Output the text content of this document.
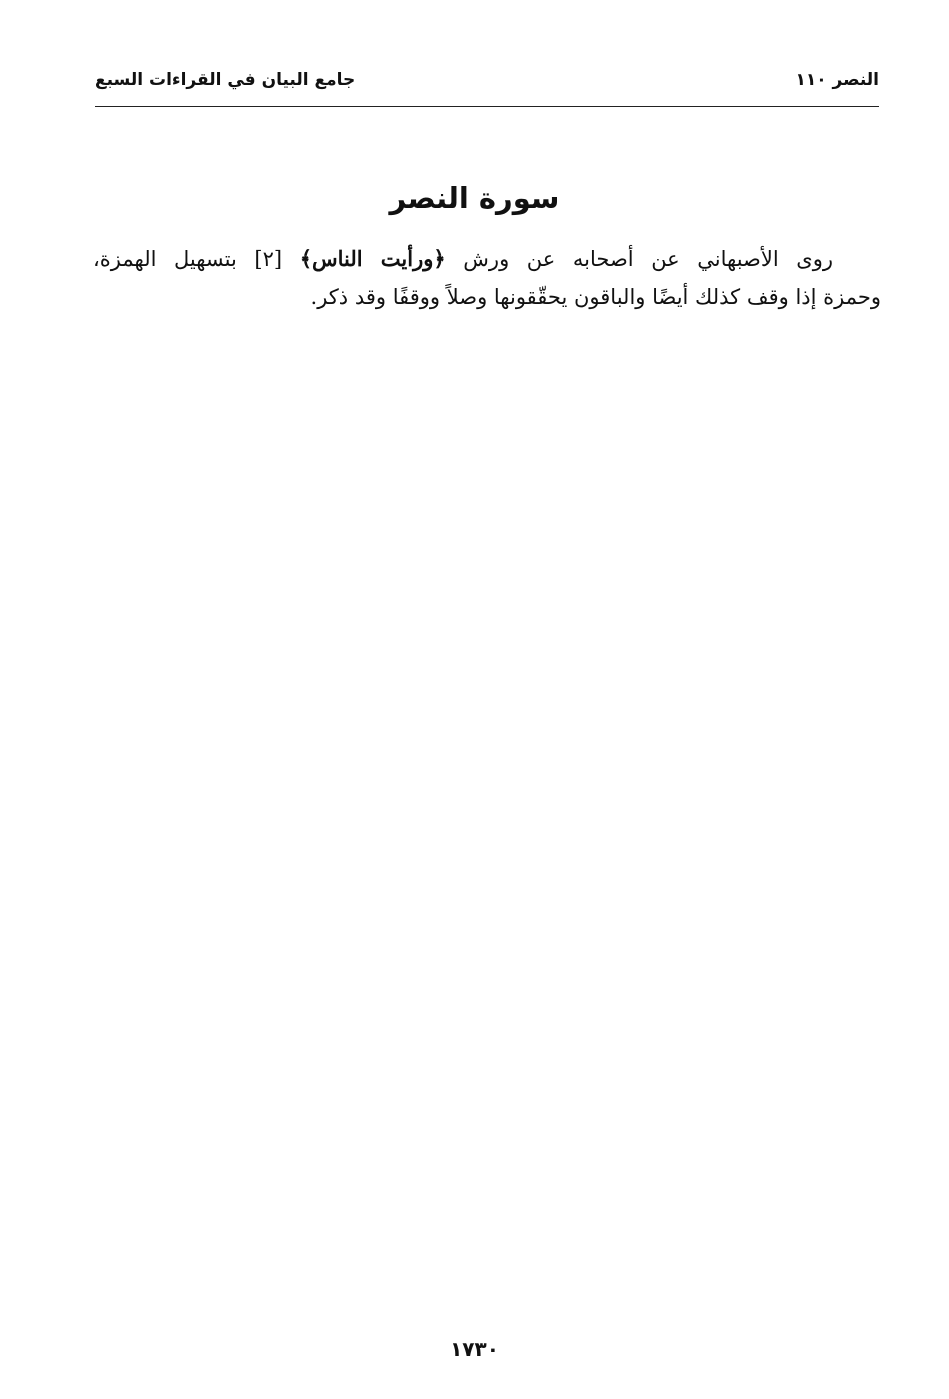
النصر ١١٠
جامع البيان في القراءات السبع
سورة النصر
روى الأصبهاني عن أصحابه عن ورش ﴿ورأيت الناس﴾ [٢] بتسهيل الهمزة،
وحمزة إذا وقف كذلك أيضًا والباقون يحقّقونها وصلاً ووقفًا وقد ذكر.
١٧٣٠
